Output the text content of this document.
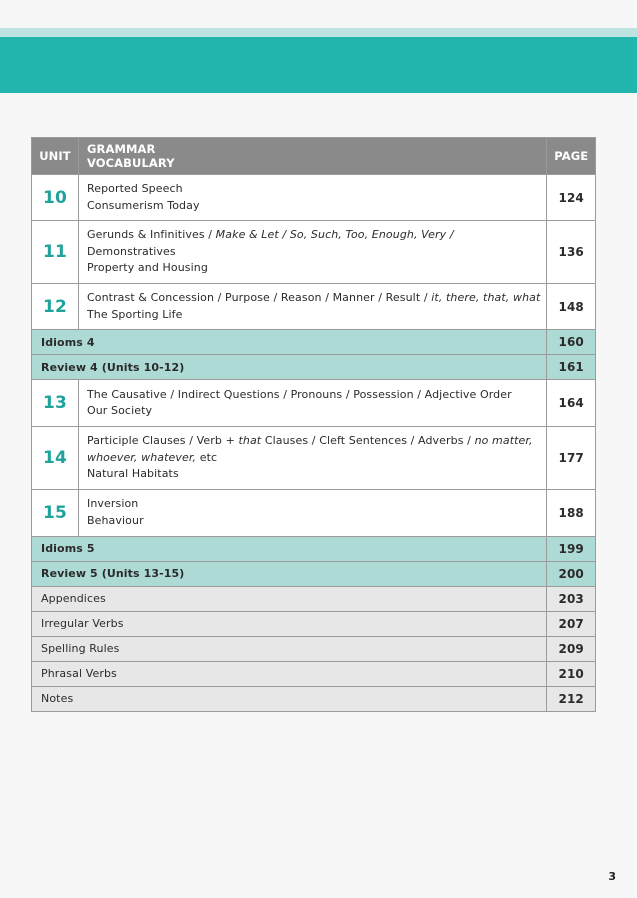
UNIT	GRAMMAR
VOCABULARY	PAGE
10	Reported Speech
Consumerism Today	124
11	Gerunds & Infinitives / Make & Let / So, Such, Too, Enough, Very /
Demonstratives
Property and Housing	136
12	Contrast & Concession / Purpose / Reason / Manner / Result / it, there, that, what
The Sporting Life	148
Idioms 4		160
Review 4 (Units 10-12)		161
13	The Causative / Indirect Questions / Pronouns / Possession / Adjective Order
Our Society	164
14	Participle Clauses / Verb + that Clauses / Cleft Sentences / Adverbs / no matter,
whoever, whatever, etc
Natural Habitats	177
15	Inversion
Behaviour	188
Idioms 5		199
Review 5 (Units 13-15)		200
Appendices		203
Irregular Verbs		207
Spelling Rules		209
Phrasal Verbs		210
Notes		212
3
